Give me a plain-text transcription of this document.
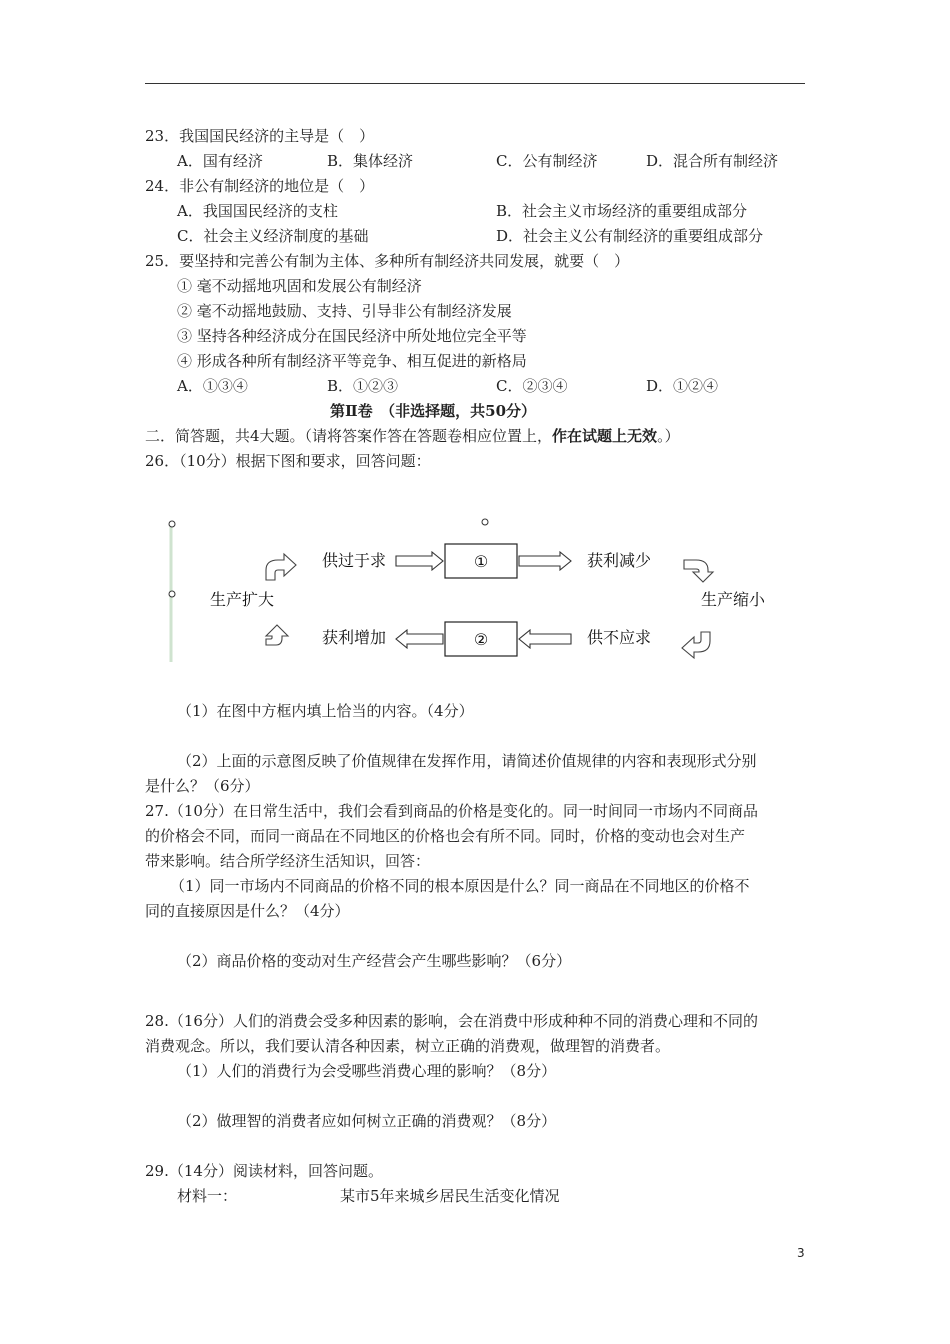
23．我国国民经济的主导是（　）
A．国有经济	B．集体经济	C．公有制经济	D．混合所有制经济
24．非公有制经济的地位是（　）
A．我国国民经济的支柱	B．社会主义市场经济的重要组成部分
C．社会主义经济制度的基础	D．社会主义公有制经济的重要组成部分
25．要坚持和完善公有制为主体、多种所有制经济共同发展，就要（　）
① 毫不动摇地巩固和发展公有制经济
② 毫不动摇地鼓励、支持、引导非公有制经济发展
③ 坚持各种经济成分在国民经济中所处地位完全平等
④ 形成各种所有制经济平等竞争、相互促进的新格局
A．①③④	B．①②③	C．②③④	D．①②④
第Ⅱ卷　（非选择题，共50分）
二．简答题，共4大题。（请将答案作答在答题卷相应位置上，作在试题上无效。）
26．（10分）根据下图和要求，回答问题：
生产扩大	生产缩小
供过于求	获利减少
获利增加	供不应求
①
②
（1）在图中方框内填上恰当的内容。（4分）
（2）上面的示意图反映了价值规律在发挥作用，请简述价值规律的内容和表现形式分别
是什么？（6分）
27.（10分）在日常生活中，我们会看到商品的价格是变化的。同一时间同一市场内不同商品
的价格会不同，而同一商品在不同地区的价格也会有所不同。同时，价格的变动也会对生产
带来影响。结合所学经济生活知识，回答：
（1）同一市场内不同商品的价格不同的根本原因是什么？同一商品在不同地区的价格不
同的直接原因是什么？（4分）
（2）商品价格的变动对生产经营会产生哪些影响？（6分）
28.（16分）人们的消费会受多种因素的影响，会在消费中形成种种不同的消费心理和不同的
消费观念。所以，我们要认清各种因素，树立正确的消费观，做理智的消费者。
（1）人们的消费行为会受哪些消费心理的影响？（8分）
（2）做理智的消费者应如何树立正确的消费观？（8分）
29.（14分）阅读材料，回答问题。
材料一：	某市5年来城乡居民生活变化情况
3
